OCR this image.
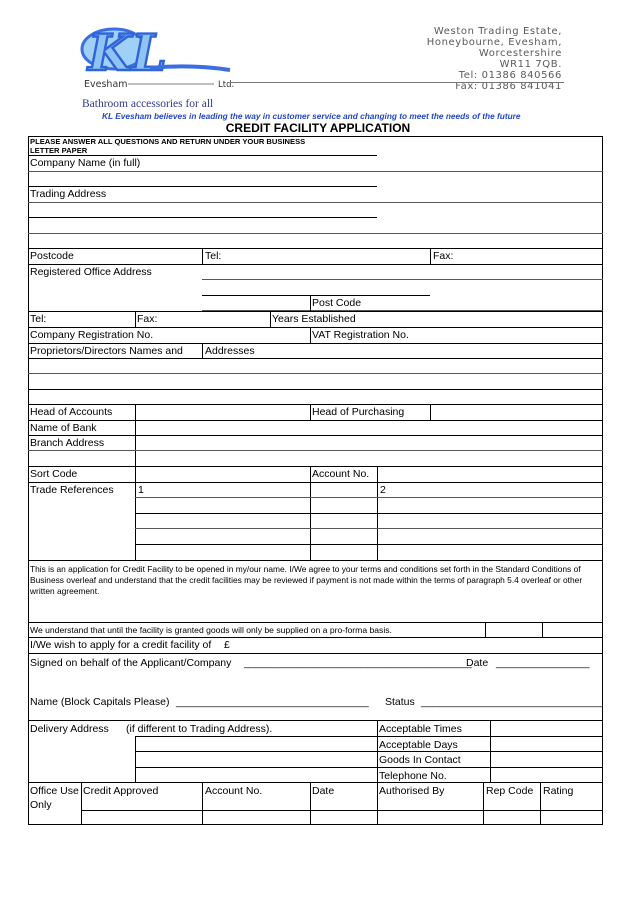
KL
Evesham	Ltd.
Weston Trading Estate,
Honeybourne, Evesham,
Worcestershire
WR11 7QB.
Tel: 01386 840566
Fax: 01386 841041
Bathroom accessories for all
KL Evesham believes in leading the way in customer service and changing to meet the needs of the future
CREDIT FACILITY APPLICATION
PLEASE ANSWER ALL QUESTIONS AND RETURN UNDER YOUR BUSINESS
LETTER PAPER
Company Name (in full)
Trading Address
Postcode	Tel:	Fax:
Registered Office Address
Post Code
Tel:	Fax:	Years Established
Company Registration No.	VAT Registration No.
Proprietors/Directors Names and Addresses
Head of Accounts	Head of Purchasing
Name of Bank
Branch Address
Sort Code	Account No.
Trade References 1	2
This is an application for Credit Facility to be opened in my/our name. I/We agree to your terms and conditions set forth in the Standard Conditions of Business overleaf and understand that the credit facilities may be reviewed if payment is not made within the terms of paragraph 5.4 overleaf or other written agreement.
We understand that until the facility is granted goods will only be supplied on a pro-forma basis.
I/We wish to apply for a credit facility of £
Signed on behalf of the Applicant/Company _______________________________________
Date ________________
Name (Block Capitals Please) _________________________________ Status _______________________________
Delivery Address (if different to Trading Address).	Acceptable Times
Acceptable Days
Goods In Contact
Telephone No.
Office Use
Only
Credit Approved	Account No.	Date	Authorised By	Rep Code Rating
